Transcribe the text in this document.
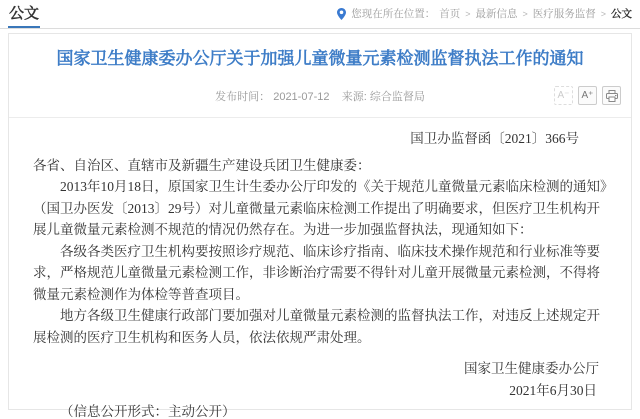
公文	您现在所在位置： 首页 > 最新信息 > 医疗服务监督 > 公文
国家卫生健康委办公厅关于加强儿童微量元素检测监督执法工作的通知
发布时间： 2021-07-12 来源: 综合监督局	A⁻	A⁺
国卫办监督函〔2021〕366号

各省、自治区、直辖市及新疆生产建设兵团卫生健康委：

2013年10月18日，原国家卫生计生委办公厅印发的《关于规范儿童微量元素临床检测的通知》（国卫办医发〔2013〕29号）对儿童微量元素临床检测工作提出了明确要求，但医疗卫生机构开展儿童微量元素检测不规范的情况仍然存在。为进一步加强监督执法，现通知如下：

各级各类医疗卫生机构要按照诊疗规范、临床诊疗指南、临床技术操作规范和行业标准等要求，严格规范儿童微量元素检测工作，非诊断治疗需要不得针对儿童开展微量元素检测，不得将微量元素检测作为体检等普查项目。

地方各级卫生健康行政部门要加强对儿童微量元素检测的监督执法工作，对违反上述规定开展检测的医疗卫生机构和医务人员，依法依规严肃处理。

国家卫生健康委办公厅
2021年6月30日
（信息公开形式：主动公开）
